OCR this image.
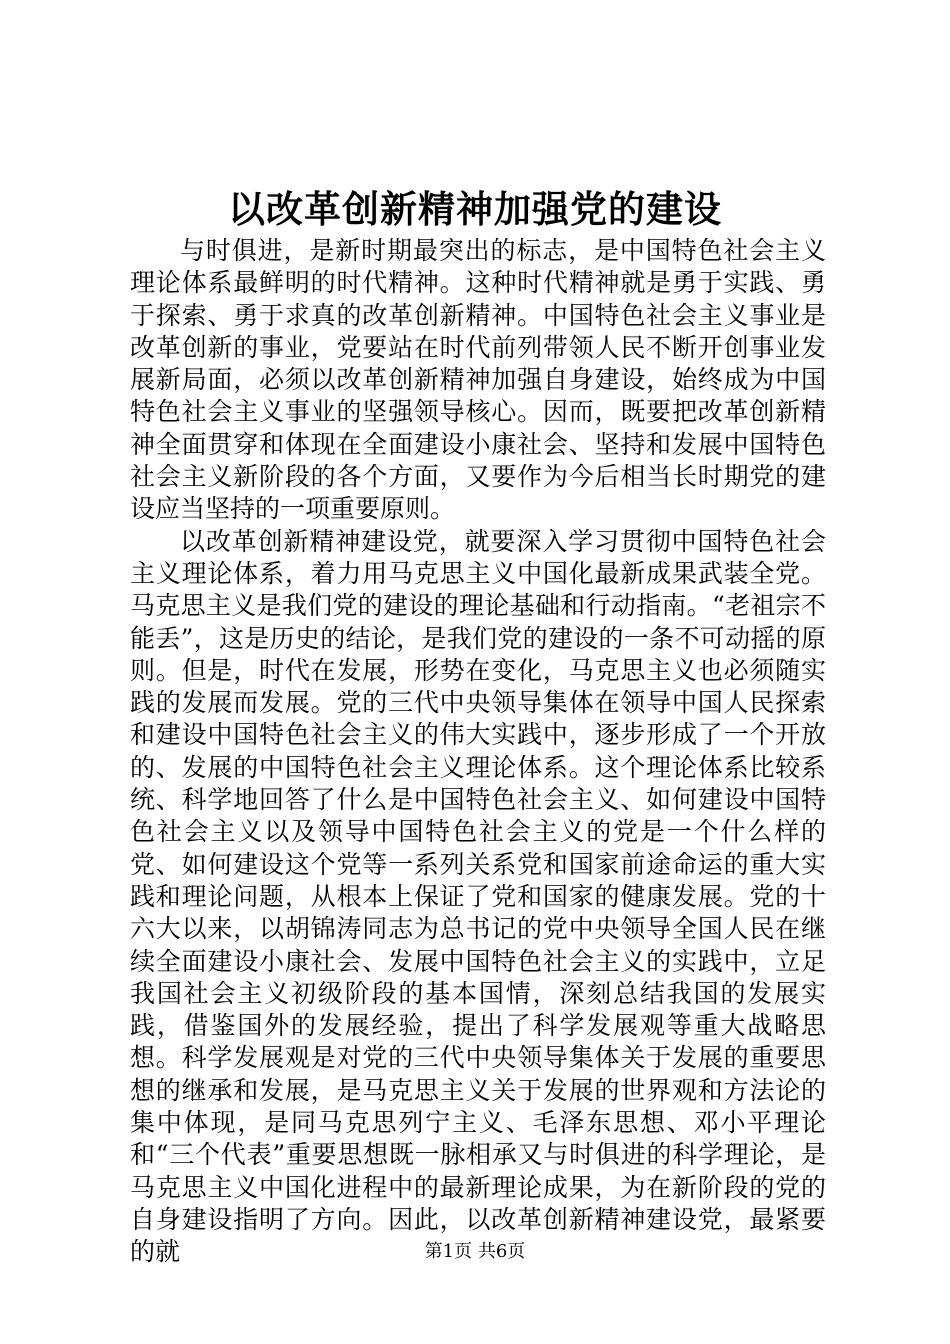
以改革创新精神加强党的建设

与时俱进，是新时期最突出的标志，是中国特色社会主义理论体系最鲜明的时代精神。这种时代精神就是勇于实践、勇于探索、勇于求真的改革创新精神。中国特色社会主义事业是改革创新的事业，党要站在时代前列带领人民不断开创事业发展新局面，必须以改革创新精神加强自身建设，始终成为中国特色社会主义事业的坚强领导核心。因而，既要把改革创新精神全面贯穿和体现在全面建设小康社会、坚持和发展中国特色社会主义新阶段的各个方面，又要作为今后相当长时期党的建设应当坚持的一项重要原则。

以改革创新精神建设党，就要深入学习贯彻中国特色社会主义理论体系，着力用马克思主义中国化最新成果武装全党。马克思主义是我们党的建设的理论基础和行动指南。“老祖宗不能丢”，这是历史的结论，是我们党的建设的一条不可动摇的原则。但是，时代在发展，形势在变化，马克思主义也必须随实践的发展而发展。党的三代中央领导集体在领导中国人民探索和建设中国特色社会主义的伟大实践中，逐步形成了一个开放的、发展的中国特色社会主义理论体系。这个理论体系比较系统、科学地回答了什么是中国特色社会主义、如何建设中国特色社会主义以及领导中国特色社会主义的党是一个什么样的党、如何建设这个党等一系列关系党和国家前途命运的重大实践和理论问题，从根本上保证了党和国家的健康发展。党的十六大以来，以胡锦涛同志为总书记的党中央领导全国人民在继续全面建设小康社会、发展中国特色社会主义的实践中，立足我国社会主义初级阶段的基本国情，深刻总结我国的发展实践，借鉴国外的发展经验，提出了科学发展观等重大战略思想。科学发展观是对党的三代中央领导集体关于发展的重要思想的继承和发展，是马克思主义关于发展的世界观和方法论的集中体现，是同马克思列宁主义、毛泽东思想、邓小平理论和“三个代表”重要思想既一脉相承又与时俱进的科学理论，是马克思主义中国化进程中的最新理论成果，为在新阶段的党的自身建设指明了方向。因此，以改革创新精神建设党，最紧要的就	第1页 共6页
